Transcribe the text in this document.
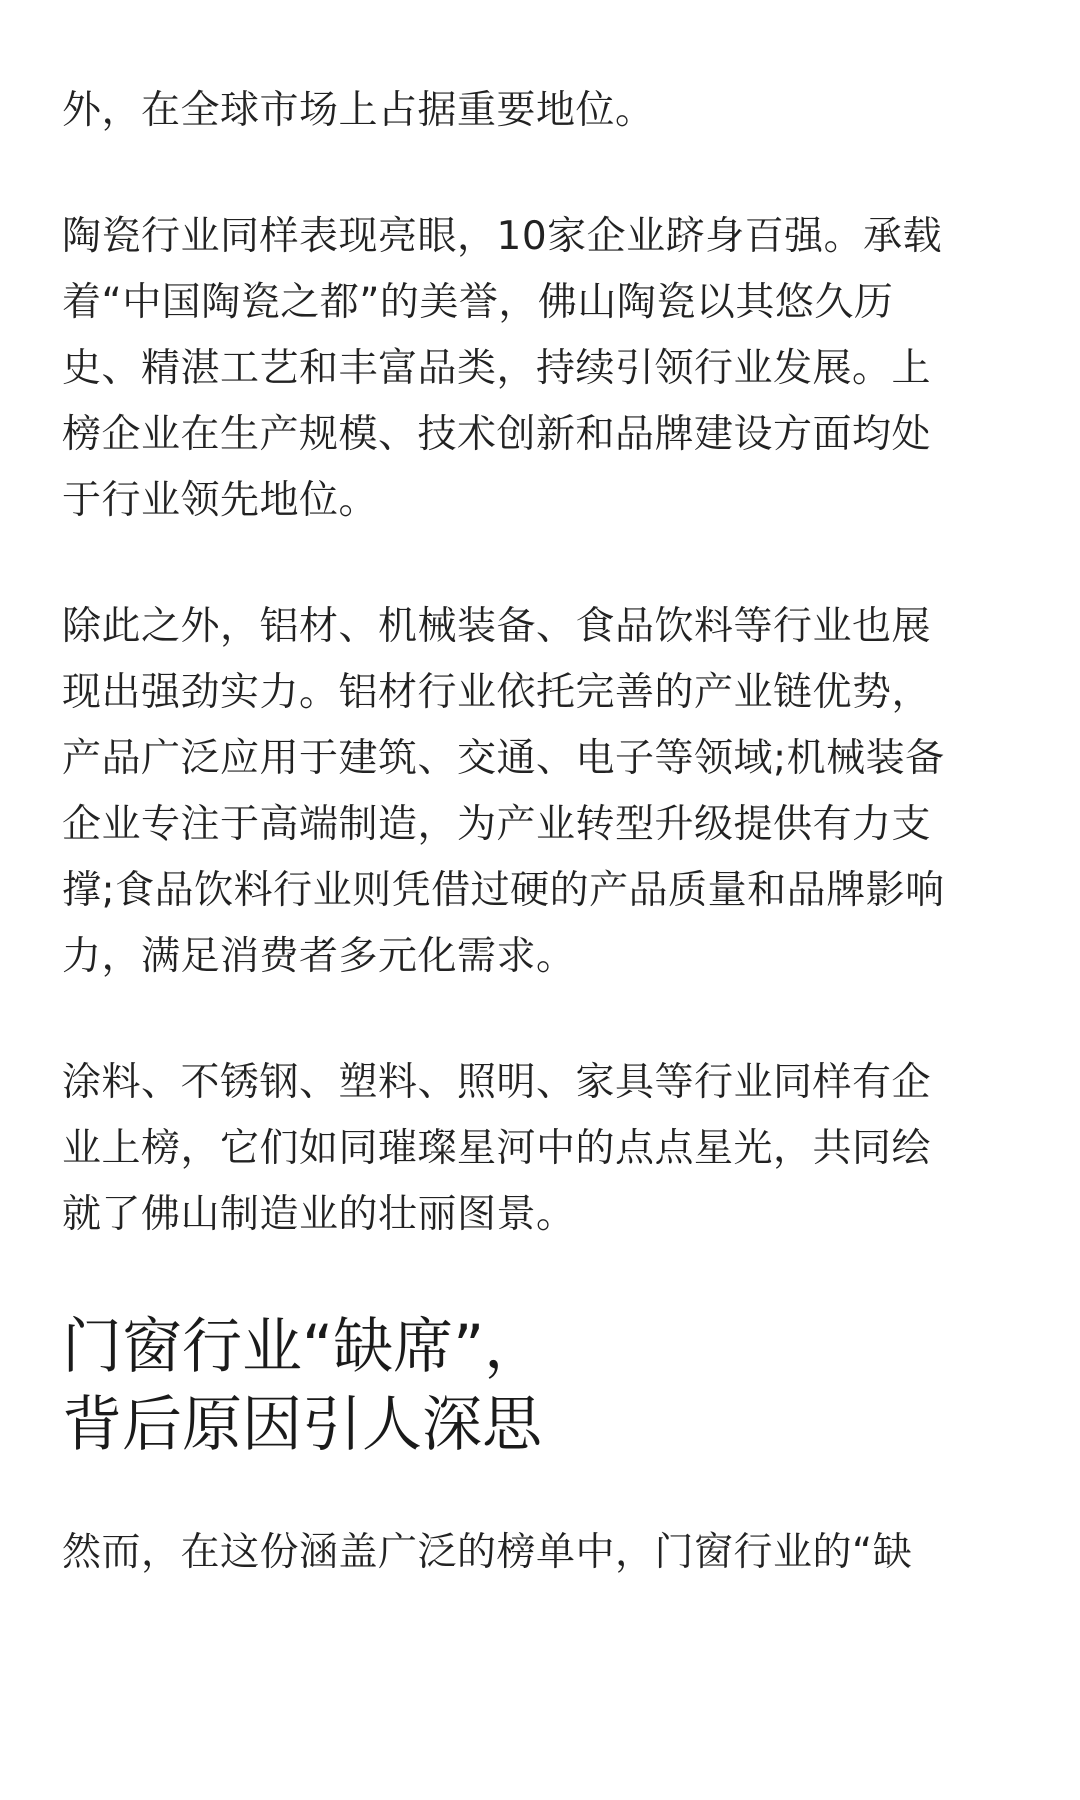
外，在全球市场上占据重要地位。

陶瓷行业同样表现亮眼，10家企业跻身百强。承载
着“中国陶瓷之都”的美誉，佛山陶瓷以其悠久历
史、精湛工艺和丰富品类，持续引领行业发展。上
榜企业在生产规模、技术创新和品牌建设方面均处
于行业领先地位。

除此之外，铝材、机械装备、食品饮料等行业也展
现出强劲实力。铝材行业依托完善的产业链优势，
产品广泛应用于建筑、交通、电子等领域;机械装备
企业专注于高端制造，为产业转型升级提供有力支
撑;食品饮料行业则凭借过硬的产品质量和品牌影响
力，满足消费者多元化需求。

涂料、不锈钢、塑料、照明、家具等行业同样有企
业上榜，它们如同璀璨星河中的点点星光，共同绘
就了佛山制造业的壮丽图景。

门窗行业“缺席”，
背后原因引人深思

然而，在这份涵盖广泛的榜单中，门窗行业的“缺
